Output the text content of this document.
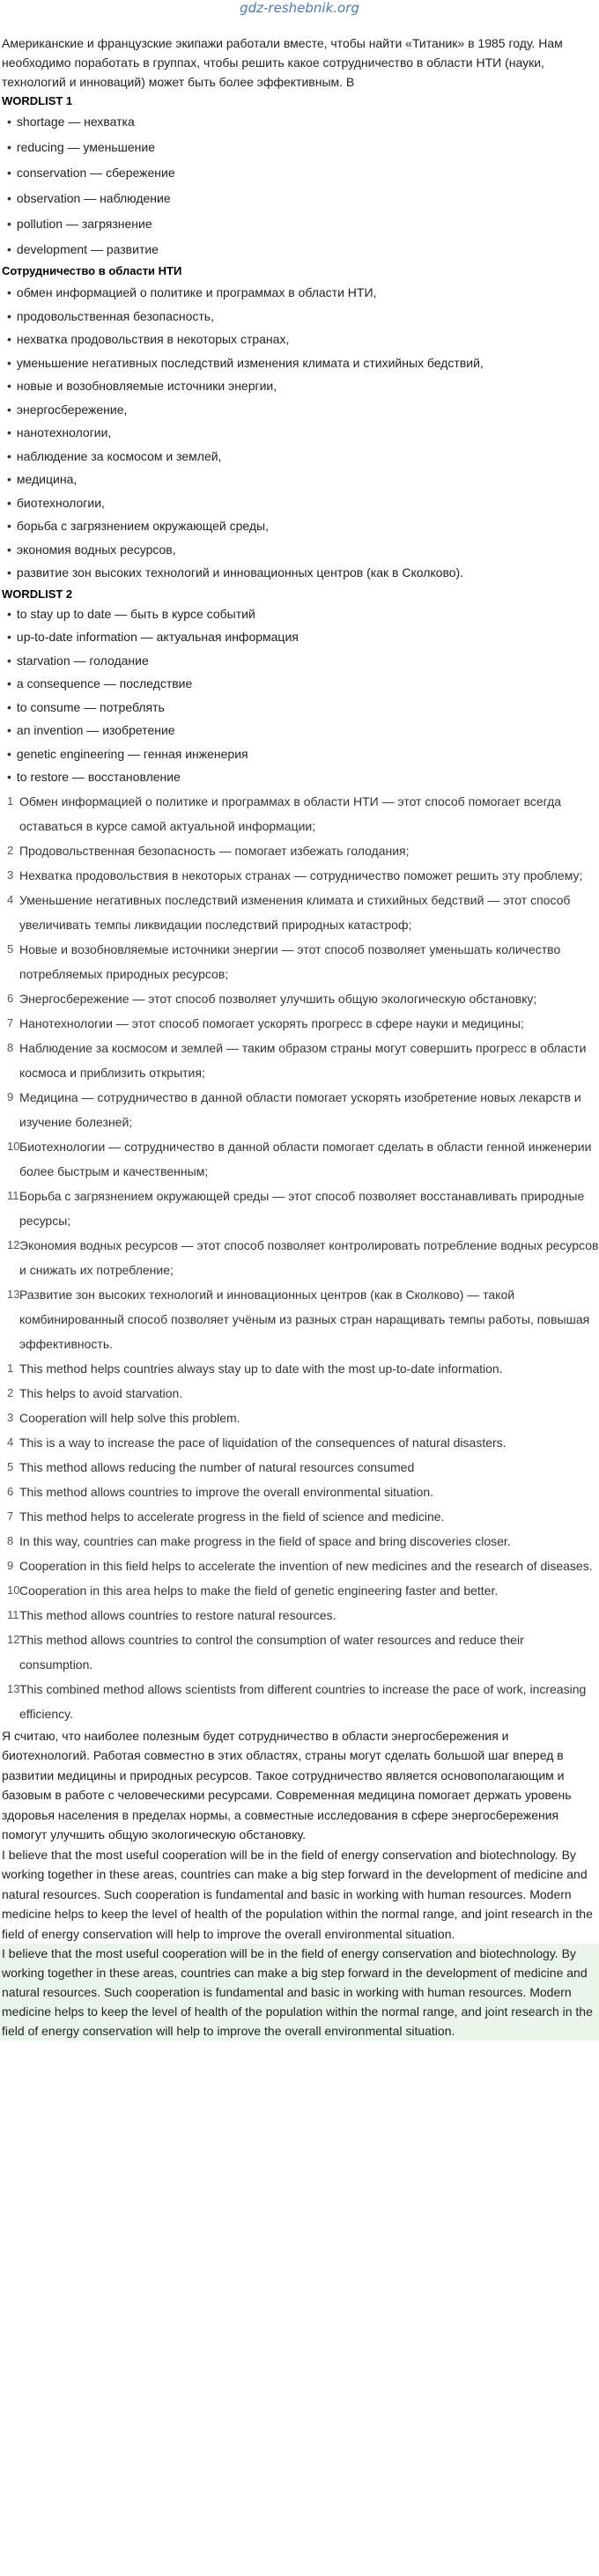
gdz-reshebnik.org
Американские и французские экипажи работали вместе, чтобы найти «Титаник» в 1985 году. Нам необходимо поработать в группах, чтобы решить какое сотрудничество в области НТИ (науки, технологий и инноваций) может быть более эффективным. В
WORDLIST 1
• shortage — нехватка
• reducing — уменьшение
• conservation — сбережение
• observation — наблюдение
• pollution — загрязнение
• development — развитие
Сотрудничество в области НТИ
• обмен информацией о политике и программах в области НТИ,
• продовольственная безопасность,
• нехватка продовольствия в некоторых странах,
• уменьшение негативных последствий изменения климата и стихийных бедствий,
• новые и возобновляемые источники энергии,
• энергосбережение,
• нанотехнологии,
• наблюдение за космосом и землей,
• медицина,
• биотехнологии,
• борьба с загрязнением окружающей среды,
• экономия водных ресурсов,
• развитие зон высоких технологий и инновационных центров (как в Сколково).
WORDLIST 2
• to stay up to date — быть в курсе событий
• up-to-date information — актуальная информация
• starvation — голодание
• a consequence — последствие
• to consume — потреблять
• an invention — изобретение
• genetic engineering — генная инженерия
• to restore — восстановление
1 Обмен информацией о политике и программах в области НТИ — этот способ помогает всегда оставаться в курсе самой актуальной информации;
2 Продовольственная безопасность — помогает избежать голодания;
3 Нехватка продовольствия в некоторых странах — сотрудничество поможет решить эту проблему;
4 Уменьшение негативных последствий изменения климата и стихийных бедствий — этот способ увеличивать темпы ликвидации последствий природных катастроф;
5 Новые и возобновляемые источники энергии — этот способ позволяет уменьшать количество потребляемых природных ресурсов;
6 Энергосбережение — этот способ позволяет улучшить общую экологическую обстановку;
7 Нанотехнологии — этот способ помогает ускорять прогресс в сфере науки и медицины;
8 Наблюдение за космосом и землей — таким образом страны могут совершить прогресс в области космоса и приблизить открытия;
9 Медицина — сотрудничество в данной области помогает ускорять изобретение новых лекарств и изучение болезней;
10 Биотехнологии — сотрудничество в данной области помогает сделать в области генной инженерии более быстрым и качественным;
11 Борьба с загрязнением окружающей среды — этот способ позволяет восстанавливать природные ресурсы;
12 Экономия водных ресурсов — этот способ позволяет контролировать потребление водных ресурсов и снижать их потребление;
13 Развитие зон высоких технологий и инновационных центров (как в Сколково) — такой комбинированный способ позволяет учёным из разных стран наращивать темпы работы, повышая эффективность.
1 This method helps countries always stay up to date with the most up-to-date information.
2 This helps to avoid starvation.
3 Cooperation will help solve this problem.
4 This is a way to increase the pace of liquidation of the consequences of natural disasters.
5 This method allows reducing the number of natural resources consumed
6 This method allows countries to improve the overall environmental situation.
7 This method helps to accelerate progress in the field of science and medicine.
8 In this way, countries can make progress in the field of space and bring discoveries closer.
9 Cooperation in this field helps to accelerate the invention of new medicines and the research of diseases.
10 Cooperation in this area helps to make the field of genetic engineering faster and better.
11 This method allows countries to restore natural resources.
12 This method allows countries to control the consumption of water resources and reduce their consumption.
13 This combined method allows scientists from different countries to increase the pace of work, increasing efficiency.
Я считаю, что наиболее полезным будет сотрудничество в области энергосбережения и биотехнологий. Работая совместно в этих областях, страны могут сделать большой шаг вперед в развитии медицины и природных ресурсов. Такое сотрудничество является основополагающим и базовым в работе с человеческими ресурсами. Современная медицина помогает держать уровень здоровья населения в пределах нормы, а совместные исследования в сфере энергосбережения помогут улучшить общую экологическую обстановку.
I believe that the most useful cooperation will be in the field of energy conservation and biotechnology. By working together in these areas, countries can make a big step forward in the development of medicine and natural resources. Such cooperation is fundamental and basic in working with human resources. Modern medicine helps to keep the level of health of the population within the normal range, and joint research in the field of energy conservation will help to improve the overall environmental situation.
I believe that the most useful cooperation will be in the field of energy conservation and biotechnology. By working together in these areas, countries can make a big step forward in the development of medicine and natural resources. Such cooperation is fundamental and basic in working with human resources. Modern medicine helps to keep the level of health of the population within the normal range, and joint research in the field of energy conservation will help to improve the overall environmental situation.
